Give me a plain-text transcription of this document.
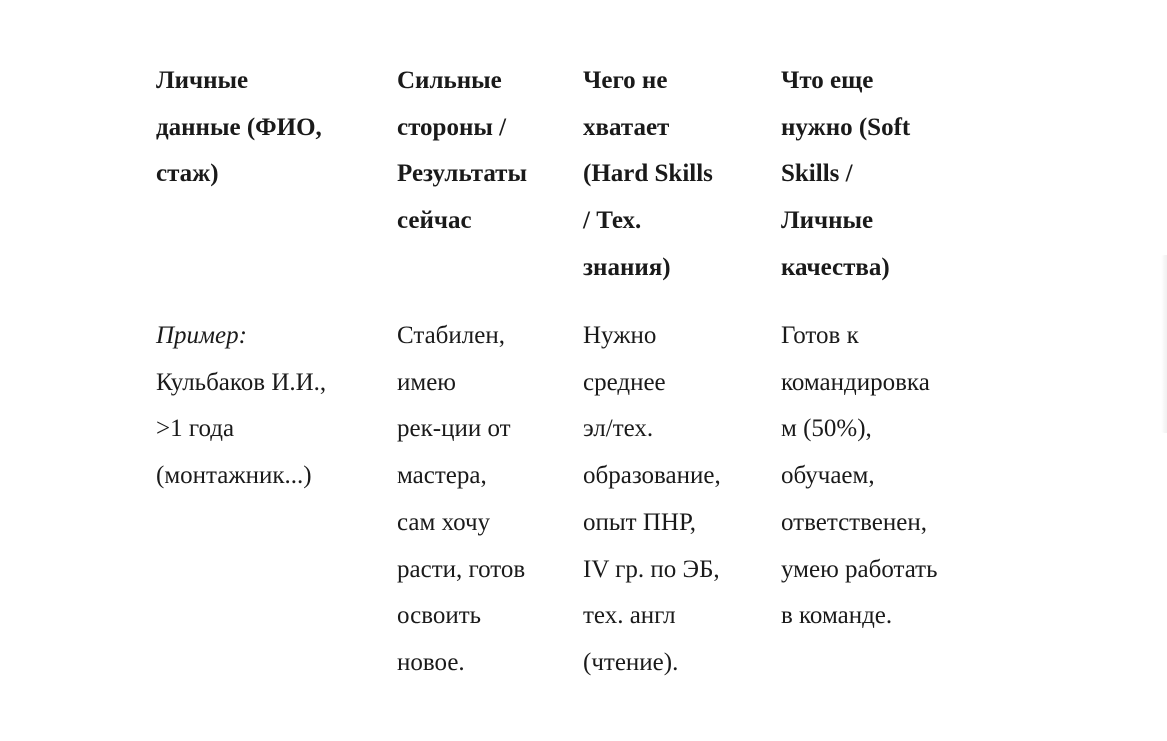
Личные
данные (ФИО,
стаж)
Сильные
стороны /
Результаты
сейчас
Чего не
хватает
(Hard Skills
/ Тех.
знания)
Что еще
нужно (Soft
Skills /
Личные
качества)
Пример:
Кульбаков И.И.,
>1 года
(монтажник...)
Стабилен,
имею
рек-ции от
мастера,
сам хочу
расти, готов
освоить
новое.
Нужно
среднее
эл/тех.
образование,
опыт ПНР,
IV гр. по ЭБ,
тех. англ
(чтение).
Готов к
командировка
м (50%),
обучаем,
ответственен,
умею работать
в команде.
